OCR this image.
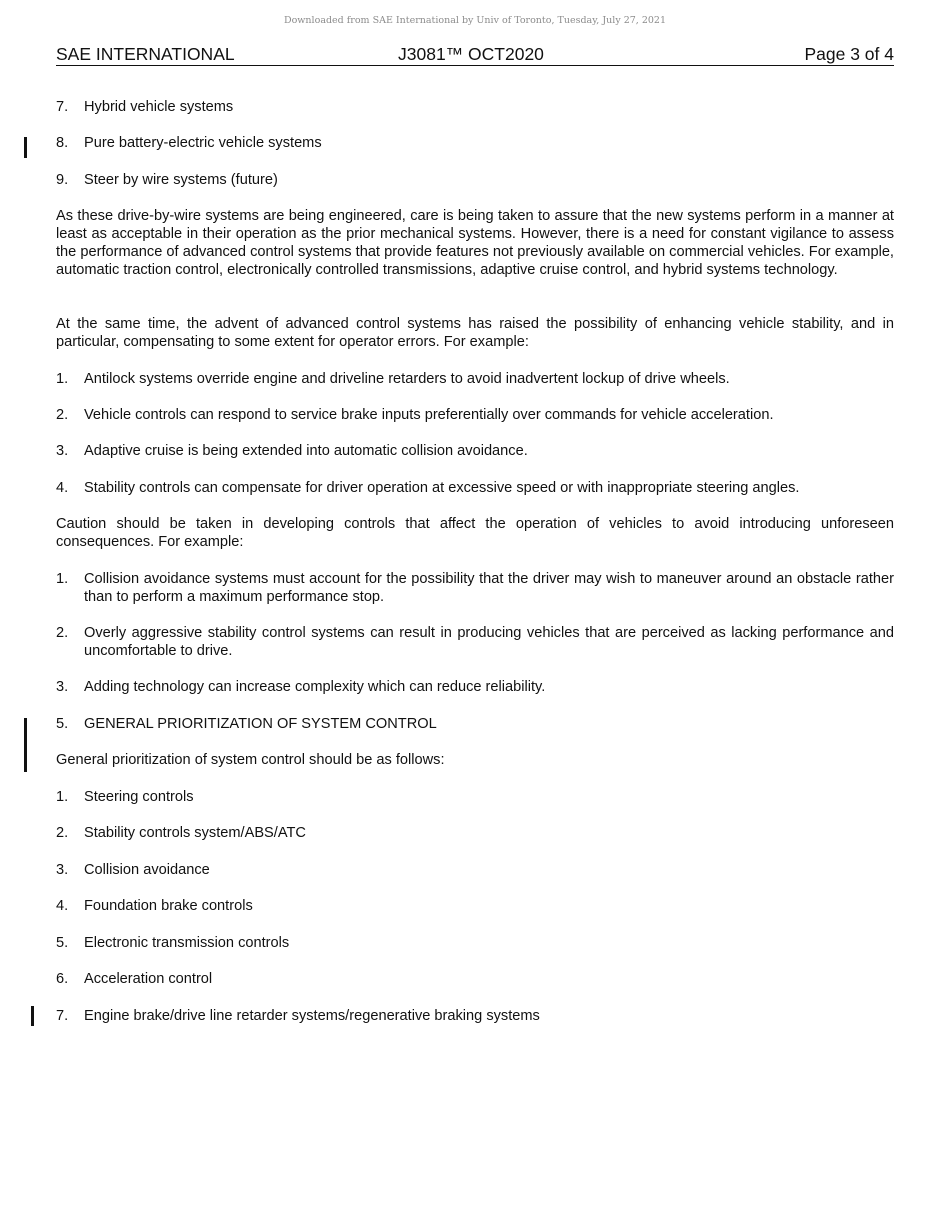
Downloaded from SAE International by Univ of Toronto, Tuesday, July 27, 2021
SAE INTERNATIONAL	J3081™ OCT2020	Page 3 of 4
7. Hybrid vehicle systems
8. Pure battery-electric vehicle systems
9. Steer by wire systems (future)
As these drive-by-wire systems are being engineered, care is being taken to assure that the new systems perform in a manner at least as acceptable in their operation as the prior mechanical systems. However, there is a need for constant vigilance to assess the performance of advanced control systems that provide features not previously available on commercial vehicles. For example, automatic traction control, electronically controlled transmissions, adaptive cruise control, and hybrid systems technology.
At the same time, the advent of advanced control systems has raised the possibility of enhancing vehicle stability, and in particular, compensating to some extent for operator errors. For example:
1. Antilock systems override engine and driveline retarders to avoid inadvertent lockup of drive wheels.
2. Vehicle controls can respond to service brake inputs preferentially over commands for vehicle acceleration.
3. Adaptive cruise is being extended into automatic collision avoidance.
4. Stability controls can compensate for driver operation at excessive speed or with inappropriate steering angles.
Caution should be taken in developing controls that affect the operation of vehicles to avoid introducing unforeseen consequences. For example:
1. Collision avoidance systems must account for the possibility that the driver may wish to maneuver around an obstacle rather than to perform a maximum performance stop.
2. Overly aggressive stability control systems can result in producing vehicles that are perceived as lacking performance and uncomfortable to drive.
3. Adding technology can increase complexity which can reduce reliability.
5. GENERAL PRIORITIZATION OF SYSTEM CONTROL
General prioritization of system control should be as follows:
1. Steering controls
2. Stability controls system/ABS/ATC
3. Collision avoidance
4. Foundation brake controls
5. Electronic transmission controls
6. Acceleration control
7. Engine brake/drive line retarder systems/regenerative braking systems
